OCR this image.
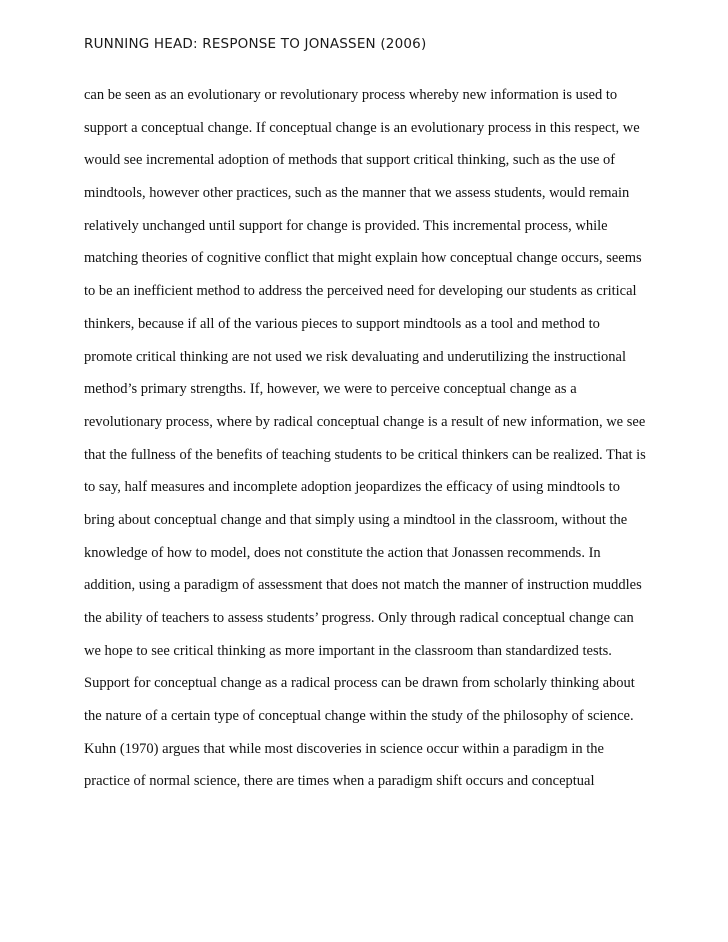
RUNNING HEAD: RESPONSE TO JONASSEN (2006)
can be seen as an evolutionary or revolutionary process whereby new information is used to
support a conceptual change. If conceptual change is an evolutionary process in this respect, we
would see incremental adoption of methods that support critical thinking, such as the use of
mindtools, however other practices, such as the manner that we assess students, would remain
relatively unchanged until support for change is provided. This incremental process, while
matching theories of cognitive conflict that might explain how conceptual change occurs, seems
to be an inefficient method to address the perceived need for developing our students as critical
thinkers, because if all of the various pieces to support mindtools as a tool and method to
promote critical thinking are not used we risk devaluating and underutilizing the instructional
method’s primary strengths. If, however, we were to perceive conceptual change as a
revolutionary process, where by radical conceptual change is a result of new information, we see
that the fullness of the benefits of teaching students to be critical thinkers can be realized. That is
to say, half measures and incomplete adoption jeopardizes the efficacy of using mindtools to
bring about conceptual change and that simply using a mindtool in the classroom, without the
knowledge of how to model, does not constitute the action that Jonassen recommends. In
addition, using a paradigm of assessment that does not match the manner of instruction muddles
the ability of teachers to assess students’ progress. Only through radical conceptual change can
we hope to see critical thinking as more important in the classroom than standardized tests.
Support for conceptual change as a radical process can be drawn from scholarly thinking about
the nature of a certain type of conceptual change within the study of the philosophy of science.
Kuhn (1970) argues that while most discoveries in science occur within a paradigm in the
practice of normal science, there are times when a paradigm shift occurs and conceptual
